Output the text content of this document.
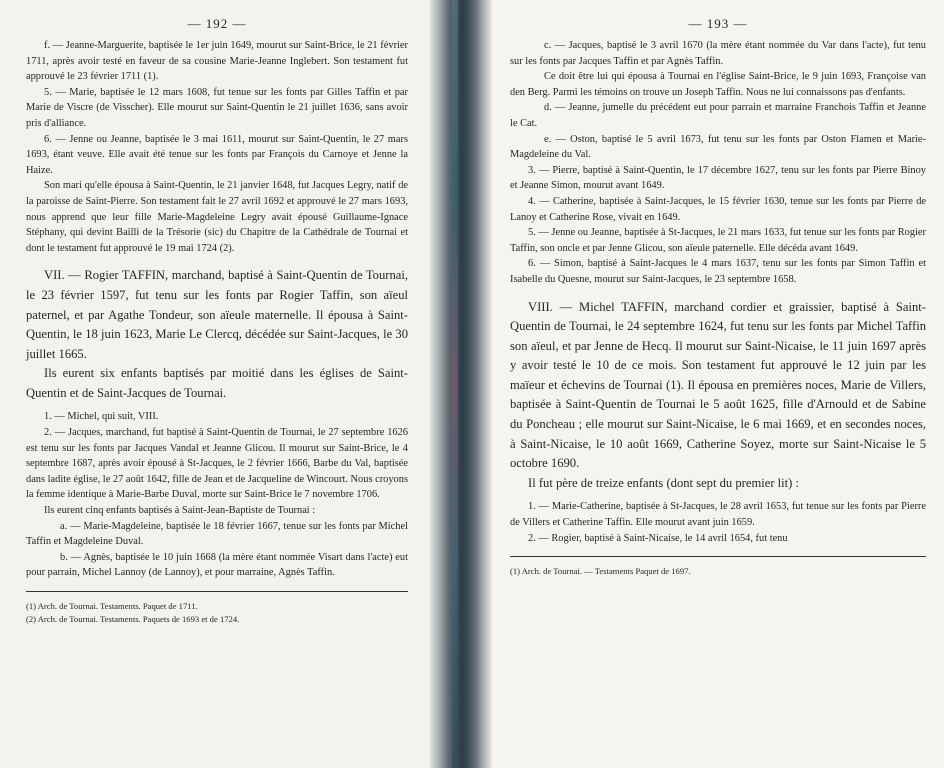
— 192 —

f. — Jeanne-Marguerite, baptisée le 1er juin 1649, mourut sur Saint-Brice, le 21 février 1711, après avoir testé en faveur de sa cousine Marie-Jeanne Inglebert. Son testament fut approuvé le 23 février 1711 (1).

5. — Marie, baptisée le 12 mars 1608, fut tenue sur les fonts par Gilles Taffin et par Marie de Viscre (de Visscher). Elle mourut sur Saint-Quentin le 21 juillet 1636, sans avoir pris d'alliance.

6. — Jenne ou Jeanne, baptisée le 3 mai 1611, mourut sur Saint-Quentin, le 27 mars 1693, étant veuve. Elle avait été tenue sur les fonts par François du Carnoye et Jenne la Haize.

Son mari qu'elle épousa à Saint-Quentin, le 21 janvier 1648, fut Jacques Legry, natif de la paroisse de Saint-Pierre. Son testament fait le 27 avril 1692 et approuvé le 27 mars 1693, nous apprend que leur fille Marie-Magdeleine Legry avait épousé Guillaume-Ignace Stéphany, qui devint Bailli de la Trésorie (sic) du Chapitre de la Cathédrale de Tournai et dont le testament fut approuvé le 19 mai 1724 (2).

VII. — Rogier TAFFIN, marchand, baptisé à Saint-Quentin de Tournai, le 23 février 1597, fut tenu sur les fonts par Rogier Taffin, son aïeul paternel, et par Agathe Tondeur, son aïeule maternelle. Il épousa à Saint-Quentin, le 18 juin 1623, Marie Le Clercq, décédée sur Saint-Jacques, le 30 juillet 1665.

Ils eurent six enfants baptisés par moitié dans les églises de Saint-Quentin et de Saint-Jacques de Tournai.

1. — Michel, qui suit, VIII.

2. — Jacques, marchand, fut baptisé à Saint-Quentin de Tournai, le 27 septembre 1626 est tenu sur les fonts par Jacques Vandal et Jeanne Glicou. Il mourut sur Saint-Brice, le 4 septembre 1687, après avoir épousé à St-Jacques, le 2 février 1666, Barbe du Val, baptisée dans ladite église, le 27 août 1642, fille de Jean et de Jacqueline de Wincourt. Nous croyons la femme identique à Marie-Barbe Duval, morte sur Saint-Brice le 7 novembre 1706.

Ils eurent cinq enfants baptisés à Saint-Jean-Baptiste de Tournai :

a. — Marie-Magdeleine, baptisée le 18 février 1667, tenue sur les fonts par Michel Taffin et Magdeleine Duval.

b. — Agnès, baptisée le 10 juin 1668 (la mère étant nommée Visart dans l'acte) eut pour parrain, Michel Lannoy (de Lannoy), et pour marraine, Agnès Taffin.

(1) Arch. de Tournai. Testaments. Paquet de 1711.

(2) Arch. de Tournai. Testaments. Paquets de 1693 et de 1724.

— 193 —

c. — Jacques, baptisé le 3 avril 1670 (la mère étant nommée du Var dans l'acte), fut tenu sur les fonts par Jacques Taffin et par Agnès Taffin.

Ce doit être lui qui épousa à Tournai en l'église Saint-Brice, le 9 juin 1693, Françoise van den Berg. Parmi les témoins on trouve un Joseph Taffin. Nous ne lui connaissons pas d'enfants.

d. — Jeanne, jumelle du précédent eut pour parrain et marraine Franchois Taffin et Jeanne le Cat.

e. — Oston, baptisé le 5 avril 1673, fut tenu sur les fonts par Oston Flamen et Marie-Magdeleine du Val.

3. — Pierre, baptisé à Saint-Quentin, le 17 décembre 1627, tenu sur les fonts par Pierre Binoy et Jeanne Simon, mourut avant 1649.

4. — Catherine, baptisée à Saint-Jacques, le 15 février 1630, tenue sur les fonts par Pierre de Lanoy et Catherine Rose, vivait en 1649.

5. — Jenne ou Jeanne, baptisée à St-Jacques, le 21 mars 1633, fut tenue sur les fonts par Rogier Taffin, son oncle et par Jenne Glicou, son aïeule paternelle. Elle décéda avant 1649.

6. — Simon, baptisé à Saint-Jacques le 4 mars 1637, tenu sur les fonts par Simon Taffin et Isabelle du Quesne, mourut sur Saint-Jacques, le 23 septembre 1658.

VIII. — Michel TAFFIN, marchand cordier et graissier, baptisé à Saint-Quentin de Tournai, le 24 septembre 1624, fut tenu sur les fonts par Michel Taffin son aïeul, et par Jenne de Hecq. Il mourut sur Saint-Nicaise, le 11 juin 1697 après y avoir testé le 10 de ce mois. Son testament fut approuvé le 12 juin par les maïeur et échevins de Tournai (1). Il épousa en premières noces, Marie de Villers, baptisée à Saint-Quentin de Tournai le 5 août 1625, fille d'Arnould et de Sabine du Poncheau ; elle mourut sur Saint-Nicaise, le 6 mai 1669, et en secondes noces, à Saint-Nicaise, le 10 août 1669, Catherine Soyez, morte sur Saint-Nicaise le 5 octobre 1690.

Il fut père de treize enfants (dont sept du premier lit) :

1. — Marie-Catherine, baptisée à St-Jacques, le 28 avril 1653, fut tenue sur les fonts par Pierre de Villers et Catherine Taffin. Elle mourut avant juin 1659.

2. — Rogier, baptisé à Saint-Nicaise, le 14 avril 1654, fut tenu

(1) Arch. de Tournai. — Testaments Paquet de 1697.
